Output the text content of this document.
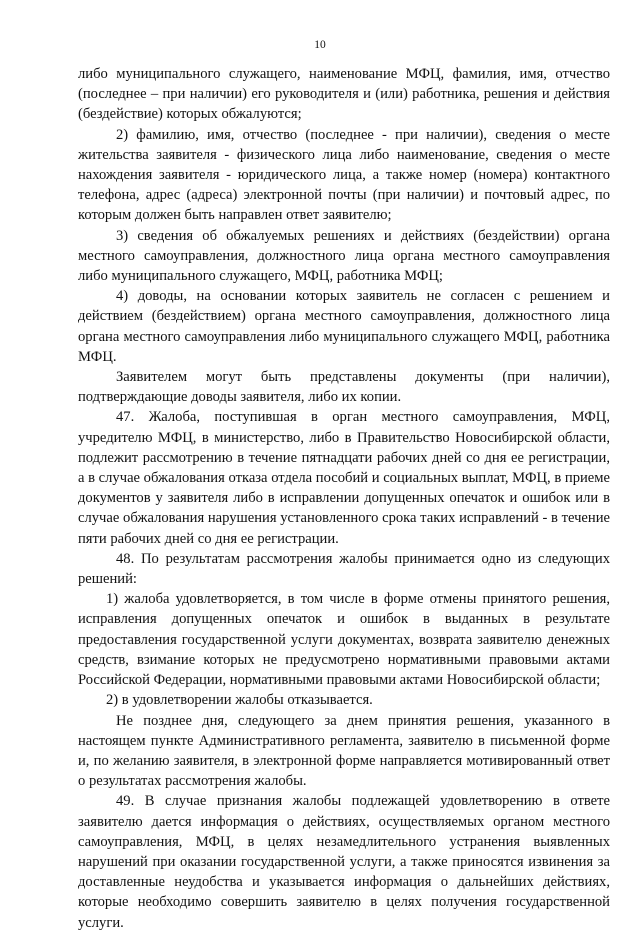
10

либо муниципального служащего, наименование МФЦ, фамилия, имя, отчество (последнее – при наличии) его руководителя и (или) работника, решения и действия (бездействие) которых обжалуются;

2) фамилию, имя, отчество (последнее - при наличии), сведения о месте жительства заявителя - физического лица либо наименование, сведения о месте нахождения заявителя - юридического лица, а также номер (номера) контактного телефона, адрес (адреса) электронной почты (при наличии) и почтовый адрес, по которым должен быть направлен ответ заявителю;

3) сведения об обжалуемых решениях и действиях (бездействии) органа местного самоуправления, должностного лица органа местного самоуправления либо муниципального служащего, МФЦ, работника МФЦ;

4) доводы, на основании которых заявитель не согласен с решением и действием (бездействием) органа местного самоуправления, должностного лица органа местного самоуправления либо муниципального служащего МФЦ, работника МФЦ.

Заявителем могут быть представлены документы (при наличии), подтверждающие доводы заявителя, либо их копии.

47. Жалоба, поступившая в орган местного самоуправления, МФЦ, учредителю МФЦ, в министерство, либо в Правительство Новосибирской области, подлежит рассмотрению в течение пятнадцати рабочих дней со дня ее регистрации, а в случае обжалования отказа отдела пособий и социальных выплат, МФЦ, в приеме документов у заявителя либо в исправлении допущенных опечаток и ошибок или в случае обжалования нарушения установленного срока таких исправлений - в течение пяти рабочих дней со дня ее регистрации.

48. По результатам рассмотрения жалобы принимается одно из следующих решений:

1) жалоба удовлетворяется, в том числе в форме отмены принятого решения, исправления допущенных опечаток и ошибок в выданных в результате предоставления государственной услуги документах, возврата заявителю денежных средств, взимание которых не предусмотрено нормативными правовыми актами Российской Федерации, нормативными правовыми актами Новосибирской области;

2) в удовлетворении жалобы отказывается.

Не позднее дня, следующего за днем принятия решения, указанного в настоящем пункте Административного регламента, заявителю в письменной форме и, по желанию заявителя, в электронной форме направляется мотивированный ответ о результатах рассмотрения жалобы.

49. В случае признания жалобы подлежащей удовлетворению в ответе заявителю дается информация о действиях, осуществляемых органом местного самоуправления, МФЦ, в целях незамедлительного устранения выявленных нарушений при оказании государственной услуги, а также приносятся извинения за доставленные неудобства и указывается информация о дальнейших действиях, которые необходимо совершить заявителю в целях получения государственной услуги.
